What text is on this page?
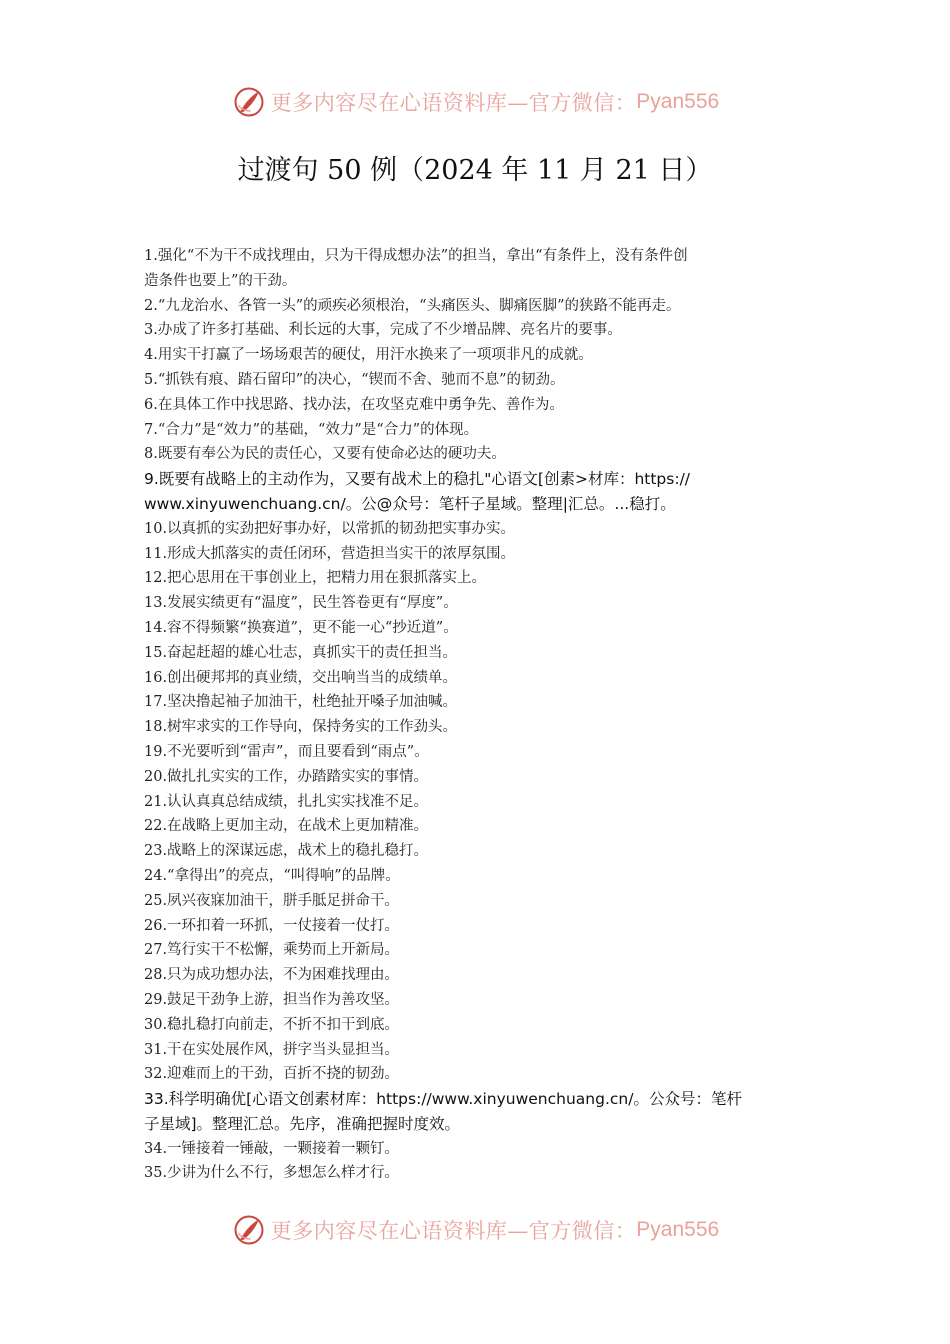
更多内容尽在心语资料库—官方微信： Pyan556
过渡句 50 例（2024 年 11 月 21 日）
1.强化“不为干不成找理由，只为干得成想办法”的担当，拿出“有条件上，没有条件创
造条件也要上”的干劲。
2.“九龙治水、各管一头”的顽疾必须根治，“头痛医头、脚痛医脚”的狭路不能再走。
3.办成了许多打基础、利长远的大事，完成了不少增品牌、亮名片的要事。
4.用实干打赢了一场场艰苦的硬仗，用汗水换来了一项项非凡的成就。
5.“抓铁有痕、踏石留印”的决心，“锲而不舍、驰而不息”的韧劲。
6.在具体工作中找思路、找办法，在攻坚克难中勇争先、善作为。
7.“合力”是“效力”的基础，“效力”是“合力”的体现。
8.既要有奉公为民的责任心，又要有使命必达的硬功夫。
9.既要有战略上的主动作为，又要有战术上的稳扎"心语文[创素>材库：https://
www.xinyuwenchuang.cn/。公@众号：笔杆子星域。整理|汇总。...稳打。
10.以真抓的实劲把好事办好，以常抓的韧劲把实事办实。
11.形成大抓落实的责任闭环，营造担当实干的浓厚氛围。
12.把心思用在干事创业上，把精力用在狠抓落实上。
13.发展实绩更有“温度”，民生答卷更有“厚度”。
14.容不得频繁“换赛道”，更不能一心“抄近道”。
15.奋起赶超的雄心壮志，真抓实干的责任担当。
16.创出硬邦邦的真业绩，交出响当当的成绩单。
17.坚决撸起袖子加油干，杜绝扯开嗓子加油喊。
18.树牢求实的工作导向，保持务实的工作劲头。
19.不光要听到“雷声”，而且要看到“雨点”。
20.做扎扎实实的工作，办踏踏实实的事情。
21.认认真真总结成绩，扎扎实实找准不足。
22.在战略上更加主动，在战术上更加精准。
23.战略上的深谋远虑，战术上的稳扎稳打。
24.“拿得出”的亮点，“叫得响”的品牌。
25.夙兴夜寐加油干，胼手胝足拼命干。
26.一环扣着一环抓，一仗接着一仗打。
27.笃行实干不松懈，乘势而上开新局。
28.只为成功想办法，不为困难找理由。
29.鼓足干劲争上游，担当作为善攻坚。
30.稳扎稳打向前走，不折不扣干到底。
31.干在实处展作风，拼字当头显担当。
32.迎难而上的干劲，百折不挠的韧劲。
33.科学明确优[心语文创素材库：https://www.xinyuwenchuang.cn/。公众号：笔杆
子星域]。整理汇总。先序，准确把握时度效。
34.一锤接着一锤敲，一颗接着一颗钉。
35.少讲为什么不行，多想怎么样才行。
更多内容尽在心语资料库—官方微信： Pyan556
